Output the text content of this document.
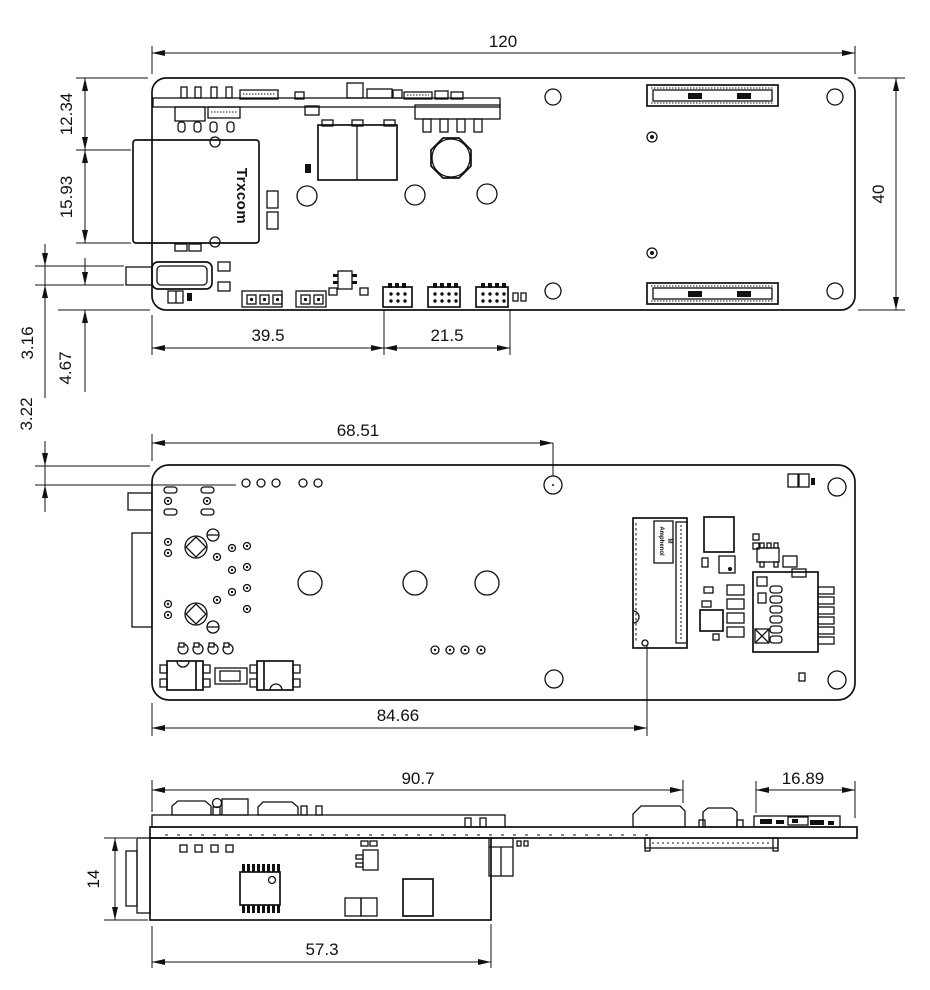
Trxcom
120
40
12.34
15.93
3.16
4.67
39.5	21.5
Amphenol M
3.22	68.51
84.66
90.7	16.89
14
57.3
